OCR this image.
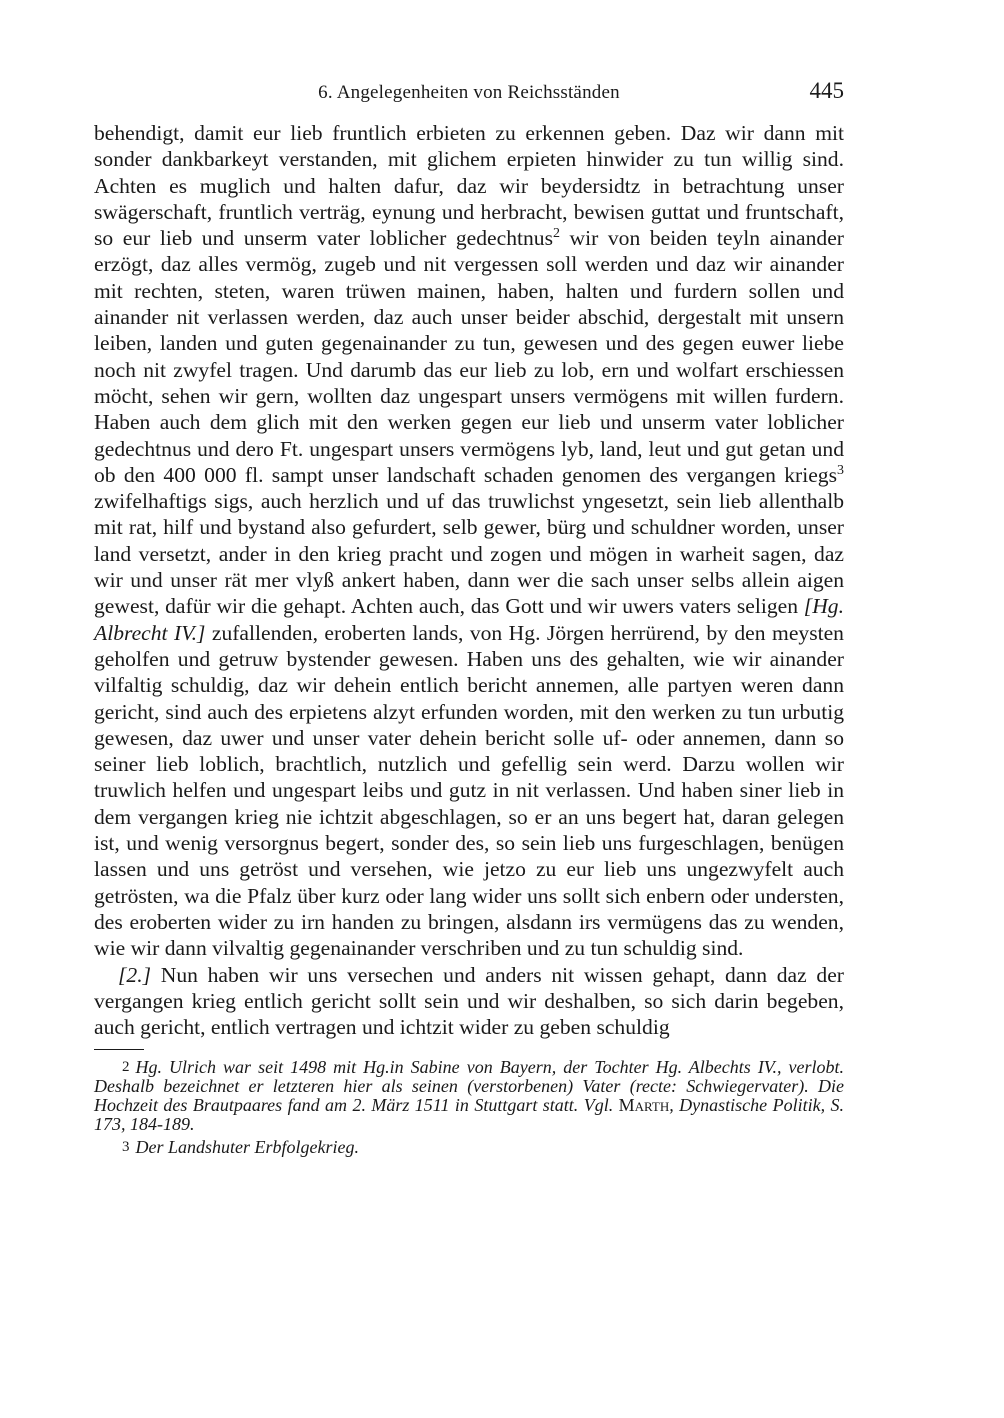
6. Angelegenheiten von Reichsständen	445

behendigt, damit eur lieb fruntlich erbieten zu erkennen geben. Daz wir dann mit sonder dankbarkeyt verstanden, mit glichem erpieten hinwider zu tun willig sind. Achten es muglich und halten dafur, daz wir beydersidtz in betrachtung unser swägerschaft, fruntlich verträg, eynung und herbracht, bewisen guttat und fruntschaft, so eur lieb und unserm vater loblicher gedechtnus$^2$ wir von beiden teyln ainander erzögt, daz alles vermög, zugeb und nit vergessen soll werden und daz wir ainander mit rechten, steten, waren trüwen mainen, haben, halten und furdern sollen und ainander nit verlassen werden, daz auch unser beider abschid, dergestalt mit unsern leiben, landen und guten gegenainander zu tun, gewesen und des gegen euwer liebe noch nit zwyfel tragen. Und darumb das eur lieb zu lob, ern und wolfart erschiessen möcht, sehen wir gern, wollten daz ungespart unsers vermögens mit willen furdern. Haben auch dem glich mit den werken gegen eur lieb und unserm vater loblicher gedechtnus und dero Ft. ungespart unsers vermögens lyb, land, leut und gut getan und ob den 400 000 fl. sampt unser landschaft schaden genomen des vergangen kriegs$^3$ zwifelhaftigs sigs, auch herzlich und uf das truwlichst yngesetzt, sein lieb allenthalb mit rat, hilf und bystand also gefurdert, selb gewer, bürg und schuldner worden, unser land versetzt, ander in den krieg pracht und zogen und mögen in warheit sagen, daz wir und unser rät mer vlyß ankert haben, dann wer die sach unser selbs allein aigen gewest, dafür wir die gehapt. Achten auch, das Gott und wir uwers vaters seligen [Hg. Albrecht IV.] zufallenden, eroberten lands, von Hg. Jörgen herrürend, by den meysten geholfen und getruw bystender gewesen. Haben uns des gehalten, wie wir ainander vilfaltig schuldig, daz wir dehein entlich bericht annemen, alle partyen weren dann gericht, sind auch des erpietens alzyt erfunden worden, mit den werken zu tun urbutig gewesen, daz uwer und unser vater dehein bericht solle uf- oder annemen, dann so seiner lieb loblich, brachtlich, nutzlich und gefellig sein werd. Darzu wollen wir truwlich helfen und ungespart leibs und gutz in nit verlassen. Und haben siner lieb in dem vergangen krieg nie ichtzit abgeschlagen, so er an uns begert hat, daran gelegen ist, und wenig versorgnus begert, sonder des, so sein lieb uns furgeschlagen, benügen lassen und uns getröst und versehen, wie jetzo zu eur lieb uns ungezwyfelt auch getrösten, wa die Pfalz über kurz oder lang wider uns sollt sich enbern oder understen, des eroberten wider zu irn handen zu bringen, alsdann irs vermügens das zu wenden, wie wir dann vilvaltig gegenainander verschriben und zu tun schuldig sind.

[2.] Nun haben wir uns versechen und anders nit wissen gehapt, dann daz der vergangen krieg entlich gericht sollt sein und wir deshalben, so sich darin begeben, auch gericht, entlich vertragen und ichtzit wider zu geben schuldig

2 Hg. Ulrich war seit 1498 mit Hg.in Sabine von Bayern, der Tochter Hg. Albechts IV., verlobt. Deshalb bezeichnet er letzteren hier als seinen (verstorbenen) Vater (recte: Schwiegervater). Die Hochzeit des Brautpaares fand am 2. März 1511 in Stuttgart statt. Vgl. Marth, Dynastische Politik, S. 173, 184-189.

3 Der Landshuter Erbfolgekrieg.
